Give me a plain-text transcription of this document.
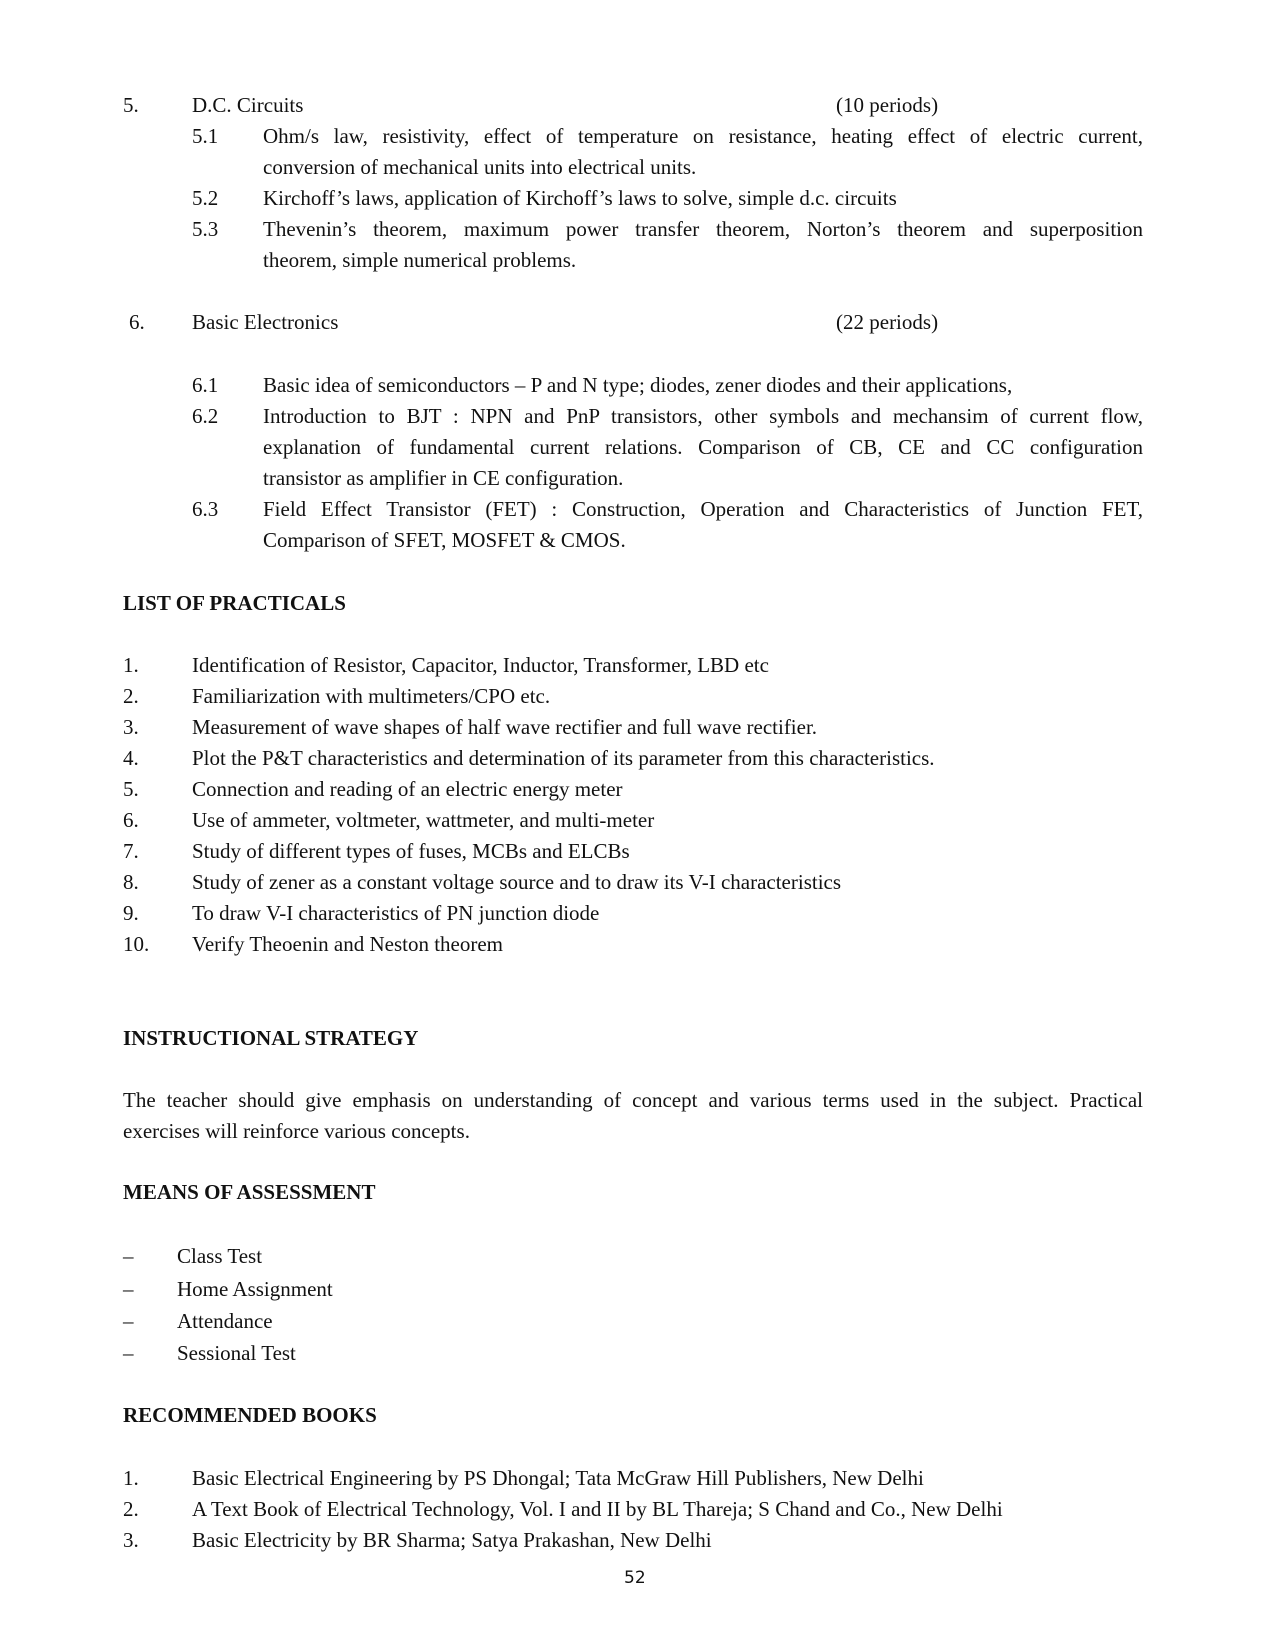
5.	D.C. Circuits	(10 periods)
5.1 Ohm/s law, resistivity, effect of temperature on resistance, heating effect of electric current,
conversion of mechanical units into electrical units.
5.2 Kirchoff’s laws, application of Kirchoff’s laws to solve, simple d.c. circuits
5.3 Thevenin’s theorem, maximum power transfer theorem, Norton’s theorem and superposition
theorem, simple numerical problems.
6. Basic Electronics	(22 periods)
6.1 Basic idea of semiconductors – P and N type; diodes, zener diodes and their applications,
6.2 Introduction to BJT : NPN and PnP transistors, other symbols and mechansim of current flow,
explanation of fundamental current relations. Comparison of CB, CE and CC configuration
transistor as amplifier in CE configuration.
6.3 Field Effect Transistor (FET) : Construction, Operation and Characteristics of Junction FET,
Comparison of SFET, MOSFET & CMOS.
LIST OF PRACTICALS
1.	Identification of Resistor, Capacitor, Inductor, Transformer, LBD etc
2.	Familiarization with multimeters/CPO etc.
3.	Measurement of wave shapes of half wave rectifier and full wave rectifier.
4.	Plot the P&T characteristics and determination of its parameter from this characteristics.
5.	Connection and reading of an electric energy meter
6.	Use of ammeter, voltmeter, wattmeter, and multi-meter
7.	Study of different types of fuses, MCBs and ELCBs
8.	Study of zener as a constant voltage source and to draw its V-I characteristics
9.	To draw V-I characteristics of PN junction diode
10. Verify Theoenin and Neston theorem
INSTRUCTIONAL STRATEGY
The teacher should give emphasis on understanding of concept and various terms used in the subject. Practical
exercises will reinforce various concepts.
MEANS OF ASSESSMENT
– Class Test
– Home Assignment
– Attendance
– Sessional Test
RECOMMENDED BOOKS
1.	Basic Electrical Engineering by PS Dhongal; Tata McGraw Hill Publishers, New Delhi
2.	A Text Book of Electrical Technology, Vol. I and II by BL Thareja; S Chand and Co., New Delhi
3.	Basic Electricity by BR Sharma; Satya Prakashan, New Delhi
52
